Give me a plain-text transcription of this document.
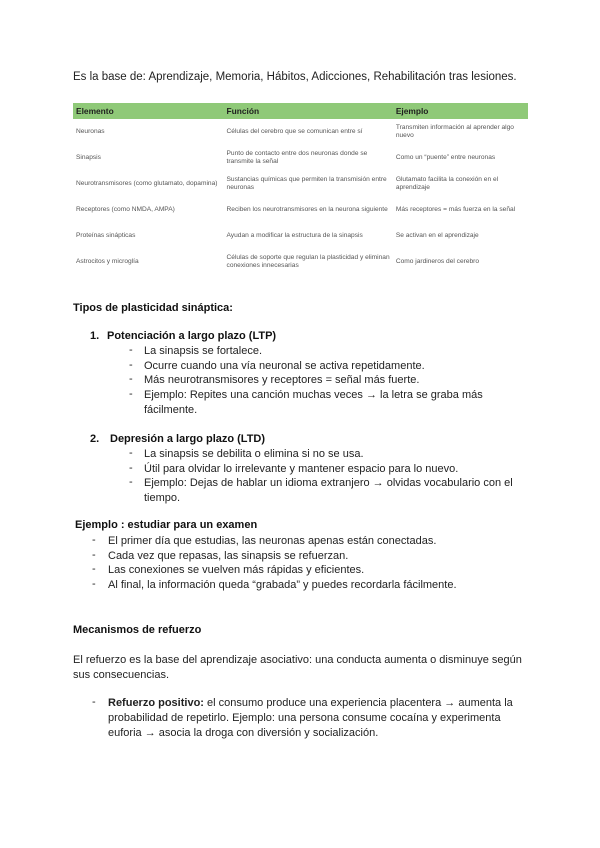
Es la base de: Aprendizaje, Memoria, Hábitos, Adicciones, Rehabilitación tras lesiones.
Elemento	Función	Ejemplo
Neuronas	Células del cerebro que se comunican entre sí	Transmiten información al aprender algo nuevo
Sinapsis	Punto de contacto entre dos neuronas donde se transmite la señal	Como un “puente” entre neuronas
Neurotransmisores (como glutamato, dopamina)	Sustancias químicas que permiten la transmisión entre neuronas	Glutamato facilita la conexión en el aprendizaje
Receptores (como NMDA, AMPA)	Reciben los neurotransmisores en la neurona siguiente	Más receptores = más fuerza en la señal
Proteínas sinápticas	Ayudan a modificar la estructura de la sinapsis	Se activan en el aprendizaje
Astrocitos y microglía	Células de soporte que regulan la plasticidad y eliminan conexiones innecesarias	Como jardineros del cerebro
Tipos de plasticidad sináptica:
1. Potenciación a largo plazo (LTP)
- La sinapsis se fortalece.
- Ocurre cuando una vía neuronal se activa repetidamente.
- Más neurotransmisores y receptores = señal más fuerte.
- Ejemplo: Repites una canción muchas veces → la letra se graba más
fácilmente.
2. Depresión a largo plazo (LTD)
- La sinapsis se debilita o elimina si no se usa.
- Útil para olvidar lo irrelevante y mantener espacio para lo nuevo.
- Ejemplo: Dejas de hablar un idioma extranjero → olvidas vocabulario con el
tiempo.
Ejemplo : estudiar para un examen
- El primer día que estudias, las neuronas apenas están conectadas.
- Cada vez que repasas, las sinapsis se refuerzan.
- Las conexiones se vuelven más rápidas y eficientes.
- Al final, la información queda “grabada” y puedes recordarla fácilmente.
Mecanismos de refuerzo
El refuerzo es la base del aprendizaje asociativo: una conducta aumenta o disminuye según
sus consecuencias.
- Refuerzo positivo: el consumo produce una experiencia placentera → aumenta la
probabilidad de repetirlo. Ejemplo: una persona consume cocaína y experimenta
euforia → asocia la droga con diversión y socialización.
